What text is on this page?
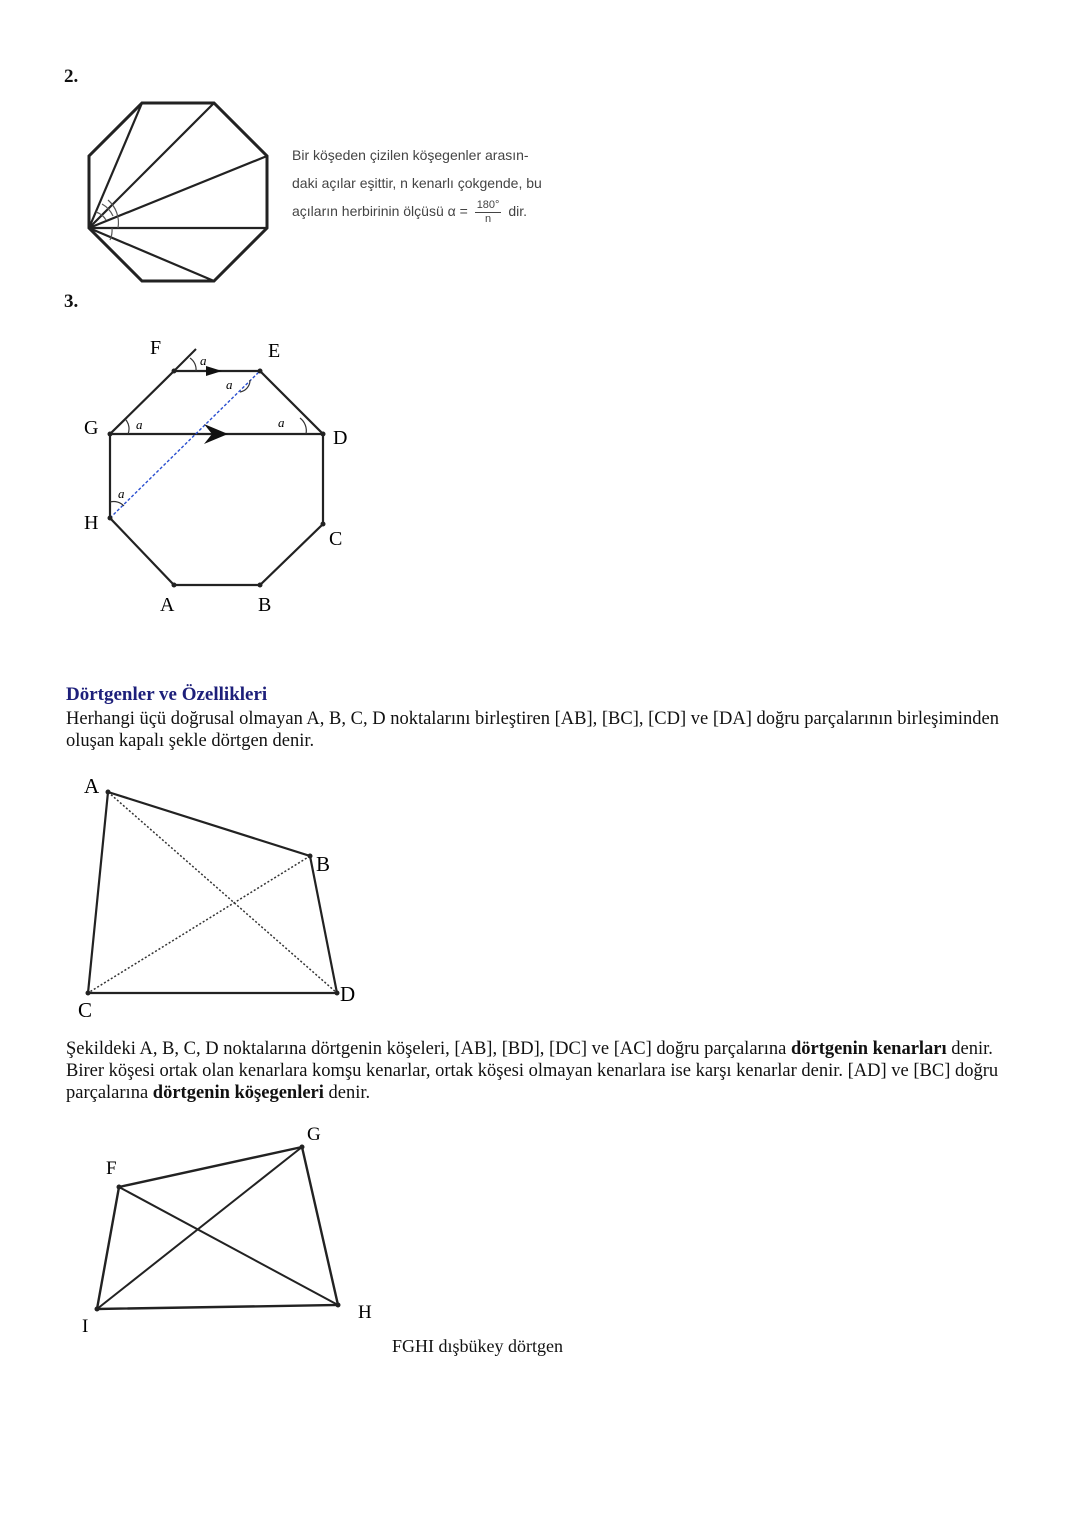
2.
Bir köşeden çizilen köşegenler arasın-
daki açılar eşittir, n kenarlı çokgende, bu
açıların herbirinin ölçüsü $\alpha = \frac{180^\circ}{n}$ dir.
3.
F	E
G	D
H
C
A	B
a
a
a	a
a
Dörtgenler ve Özellikleri
Herhangi üçü doğrusal olmayan A, B, C, D noktalarını birleştiren [AB], [BC], [CD] ve [DA] doğru parçalarının birleşiminden oluşan kapalı şekle dörtgen denir.
A
B
C
D
Şekildeki A, B, C, D noktalarına dörtgenin köşeleri, [AB], [BD], [DC] ve [AC] doğru parçalarına dörtgenin kenarları denir. Birer köşesi ortak olan kenarlara komşu kenarlar, ortak köşesi olmayan kenarlara ise karşı kenarlar denir. [AD] ve [BC] doğru parçalarına dörtgenin köşegenleri denir.
F
G
H
I
FGHI dışbükey dörtgen
